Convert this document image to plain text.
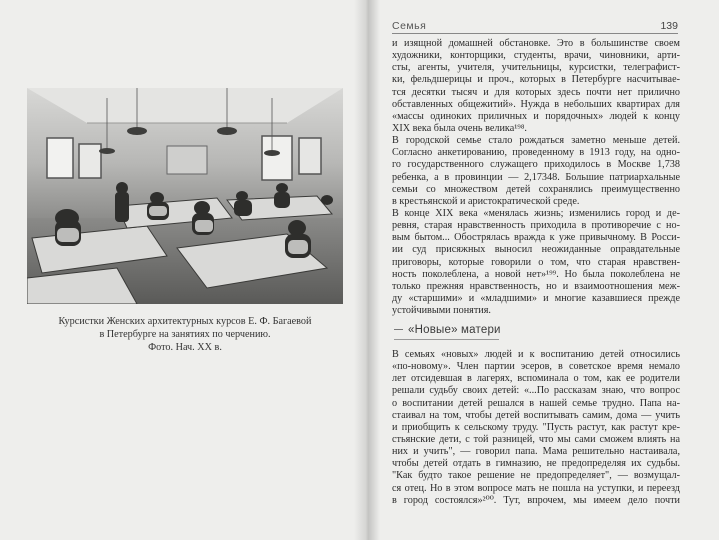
Курсистки Женских архитектурных курсов Е. Ф. Багаевой
в Петербурге на занятиях по черчению.
Фото. Нач. ХХ в.
Семья	139
и изящной домашней обстановке. Это в большинстве своем
художники, конторщики, студенты, врачи, чиновники, арти-
сты, агенты, учителя, учительницы, курсистки, телеграфист-
ки, фельдшерицы и проч., которых в Петербурге насчитывае-
тся десятки тысяч и для которых здесь почти нет прилично
обставленных общежитий». Нужда в небольших квартирах для
«массы одиноких приличных и порядочных» людей к концу
XIX века была очень велика¹⁹⁸.
В городской семье стало рождаться заметно меньше детей.
Согласно анкетированию, проведенному в 1913 году, на одно-
го государственного служащего приходилось в Москве 1,738
ребенка, а в провинции — 2,17348. Большие патриархальные
семьи со множеством детей сохранялись преимущественно
в крестьянской и аристократической среде.
В конце XIX века «менялась жизнь; изменились город и де-
ревня, старая нравственность приходила в противоречие с но-
вым бытом... Обострялась вражда к уже привычному. В Росси-
ии суд присяжных выносил неожиданные оправдательные
приговоры, которые говорили о том, что старая нравствен-
ность поколеблена, а новой нет»¹⁹⁹. Но была поколеблена не
только прежняя нравственность, но и взаимоотношения меж-
ду «старшими» и «младшими» и многие казавшиеся прежде
устойчивыми понятия.
«Новые» матери
В семьях «новых» людей и к воспитанию детей относились
«по-новому». Член партии эсеров, в советское время немало
лет отсидевшая в лагерях, вспоминала о том, как ее родители
решали судьбу своих детей: «...По рассказам знаю, что вопрос
о воспитании детей решался в нашей семье трудно. Папа на-
стаивал на том, чтобы детей воспитывать самим, дома — учить
и приобщить к сельскому труду. "Пусть растут, как растут кре-
стьянские дети, с той разницей, что мы сами сможем влиять на
них и учить", — говорил папа. Мама решительно настаивала,
чтобы детей отдать в гимназию, не предопределяя их судьбы.
"Как будто такое решение не предопределяет", — возмущал-
ся отец. Но в этом вопросе мать не пошла на уступки, и переезд
в город состоялся»²⁰⁰. Тут, впрочем, мы имеем дело почти
